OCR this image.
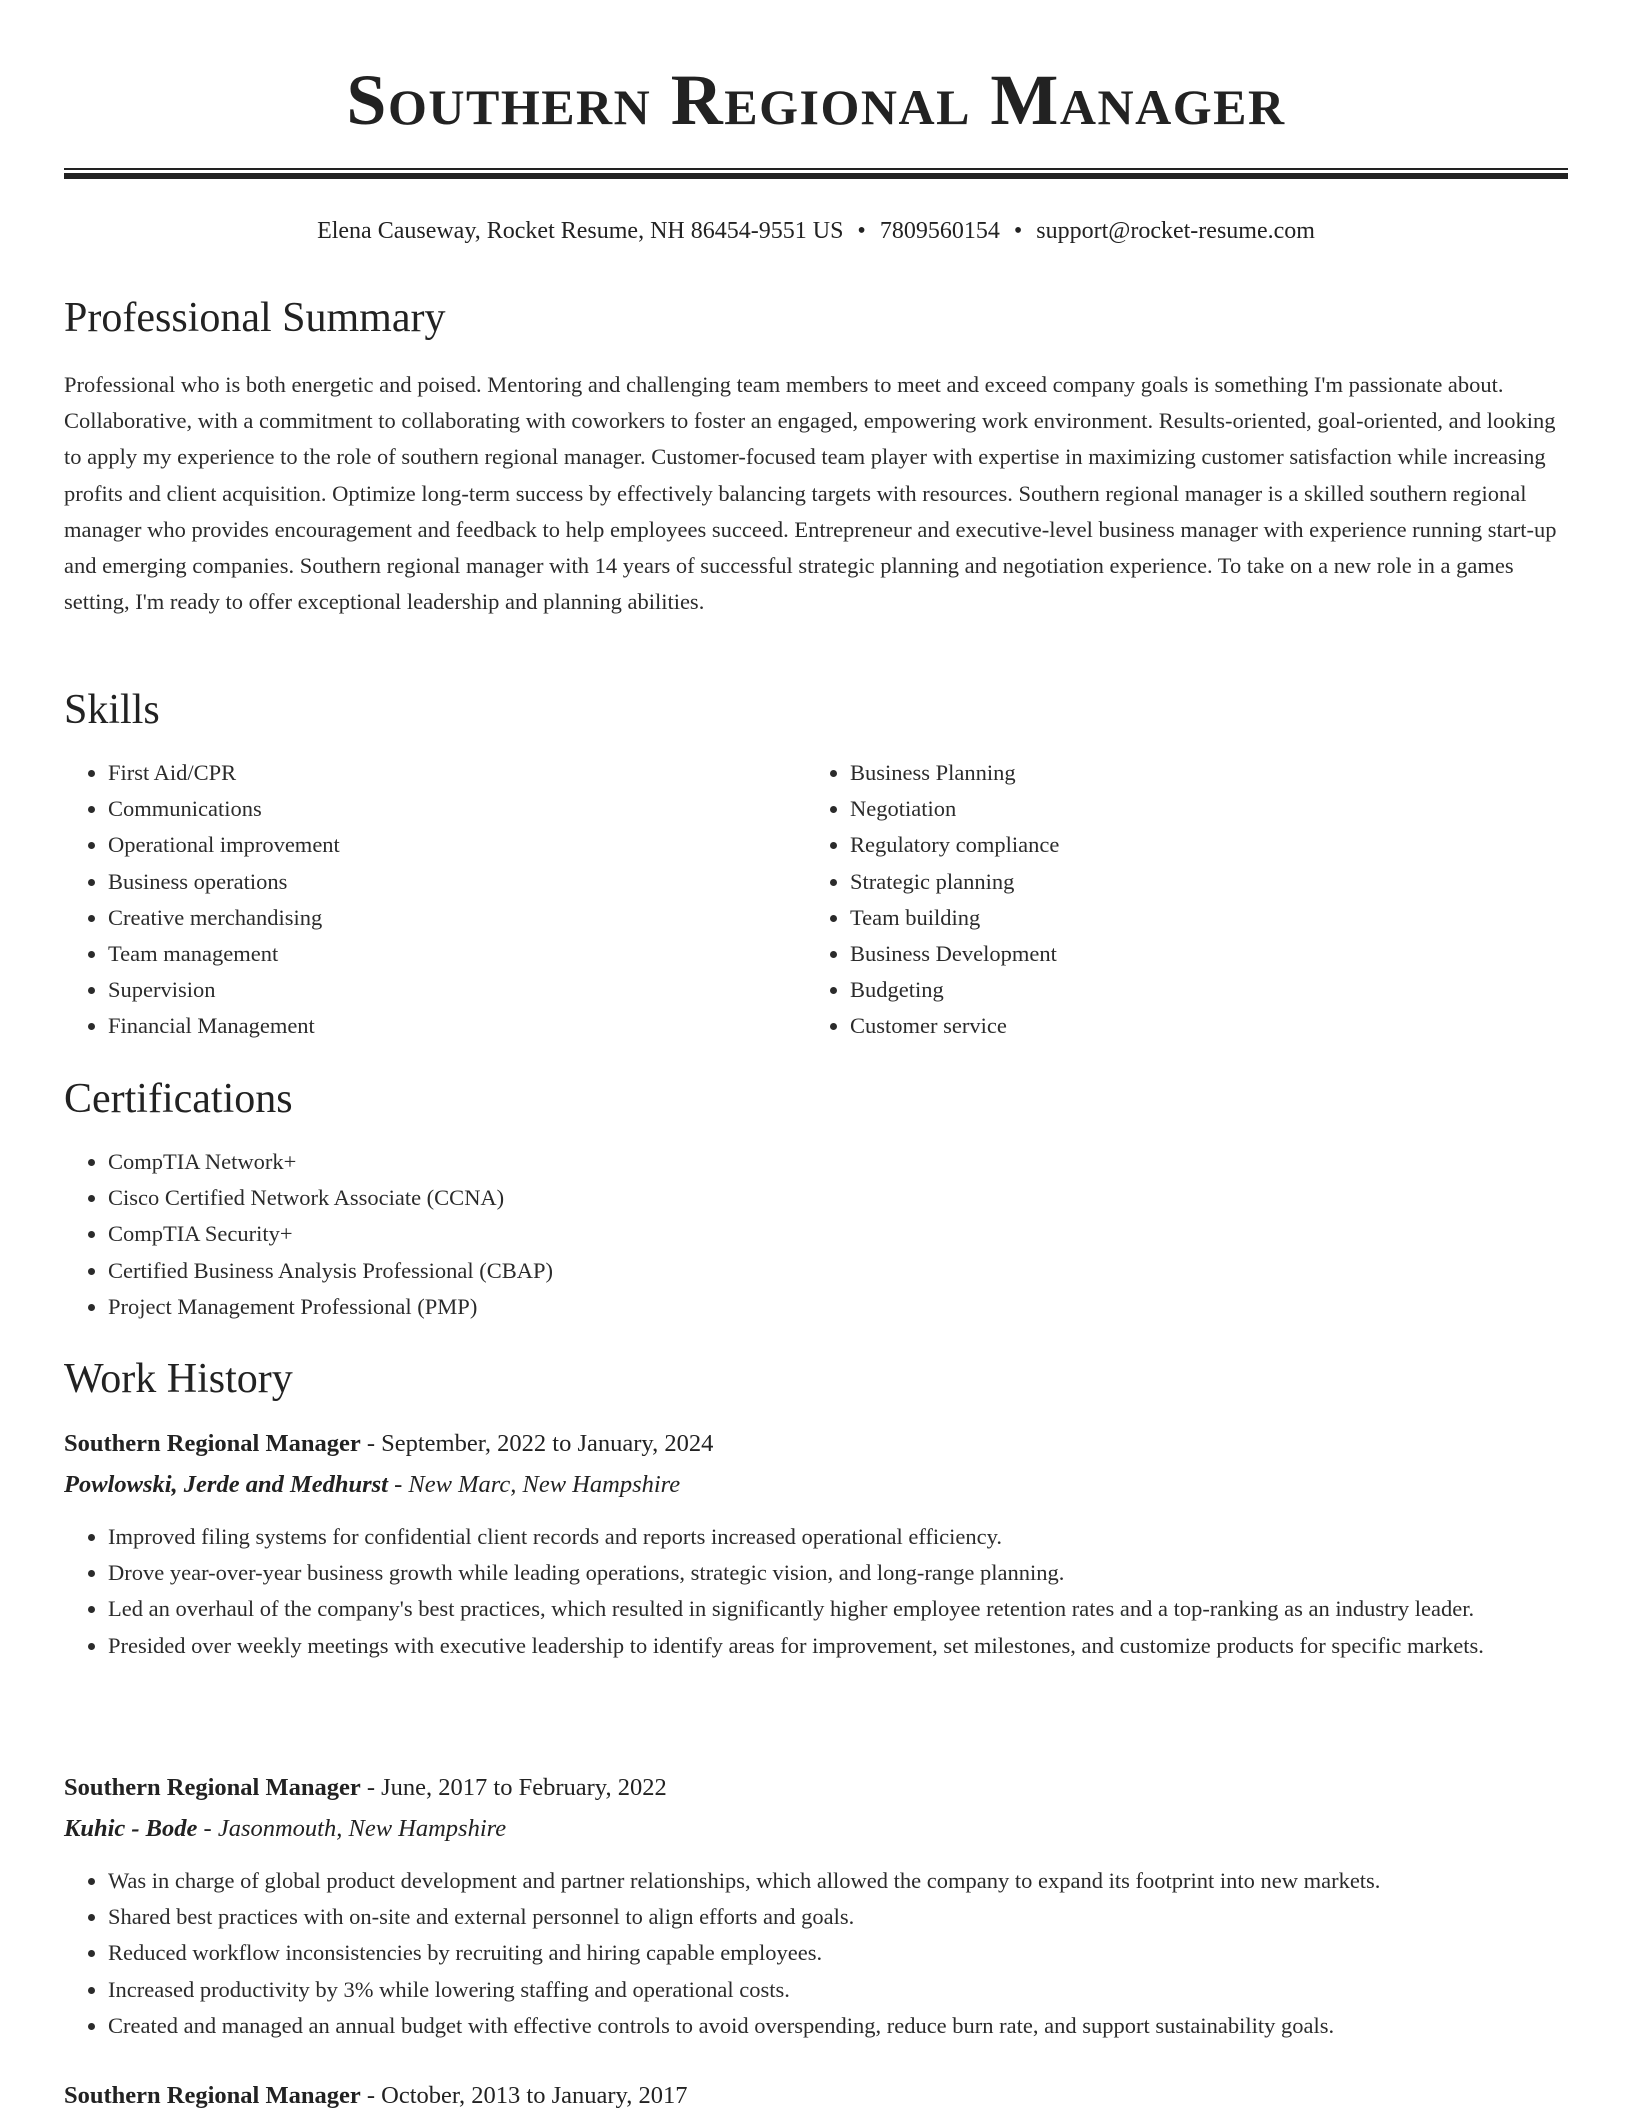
Southern Regional Manager
Elena Causeway, Rocket Resume, NH 86454-9551 US • 7809560154 • support@rocket-resume.com
Professional Summary

Professional who is both energetic and poised. Mentoring and challenging team members to meet and exceed company goals is something I'm passionate about. Collaborative, with a commitment to collaborating with coworkers to foster an engaged, empowering work environment. Results-oriented, goal-oriented, and looking to apply my experience to the role of southern regional manager. Customer-focused team player with expertise in maximizing customer satisfaction while increasing profits and client acquisition. Optimize long-term success by effectively balancing targets with resources. Southern regional manager is a skilled southern regional manager who provides encouragement and feedback to help employees succeed. Entrepreneur and executive-level business manager with experience running start-up and emerging companies. Southern regional manager with 14 years of successful strategic planning and negotiation experience. To take on a new role in a games setting, I'm ready to offer exceptional leadership and planning abilities.

Skills
• First Aid/CPR
• Communications
• Operational improvement
• Business operations
• Creative merchandising
• Team management
• Supervision
• Financial Management
• Business Planning
• Negotiation
• Regulatory compliance
• Strategic planning
• Team building
• Business Development
• Budgeting
• Customer service
Certifications
• CompTIA Network+
• Cisco Certified Network Associate (CCNA)
• CompTIA Security+
• Certified Business Analysis Professional (CBAP)
• Project Management Professional (PMP)
Work History
Southern Regional Manager - September, 2022 to January, 2024
Powlowski, Jerde and Medhurst - New Marc, New Hampshire
• Improved filing systems for confidential client records and reports increased operational efficiency.
• Drove year-over-year business growth while leading operations, strategic vision, and long-range planning.
• Led an overhaul of the company's best practices, which resulted in significantly higher employee retention rates and a top-ranking as an industry leader.
• Presided over weekly meetings with executive leadership to identify areas for improvement, set milestones, and customize products for specific markets.
Southern Regional Manager - June, 2017 to February, 2022
Kuhic - Bode - Jasonmouth, New Hampshire
• Was in charge of global product development and partner relationships, which allowed the company to expand its footprint into new markets.
• Shared best practices with on-site and external personnel to align efforts and goals.
• Reduced workflow inconsistencies by recruiting and hiring capable employees.
• Increased productivity by 3% while lowering staffing and operational costs.
• Created and managed an annual budget with effective controls to avoid overspending, reduce burn rate, and support sustainability goals.
Southern Regional Manager - October, 2013 to January, 2017
